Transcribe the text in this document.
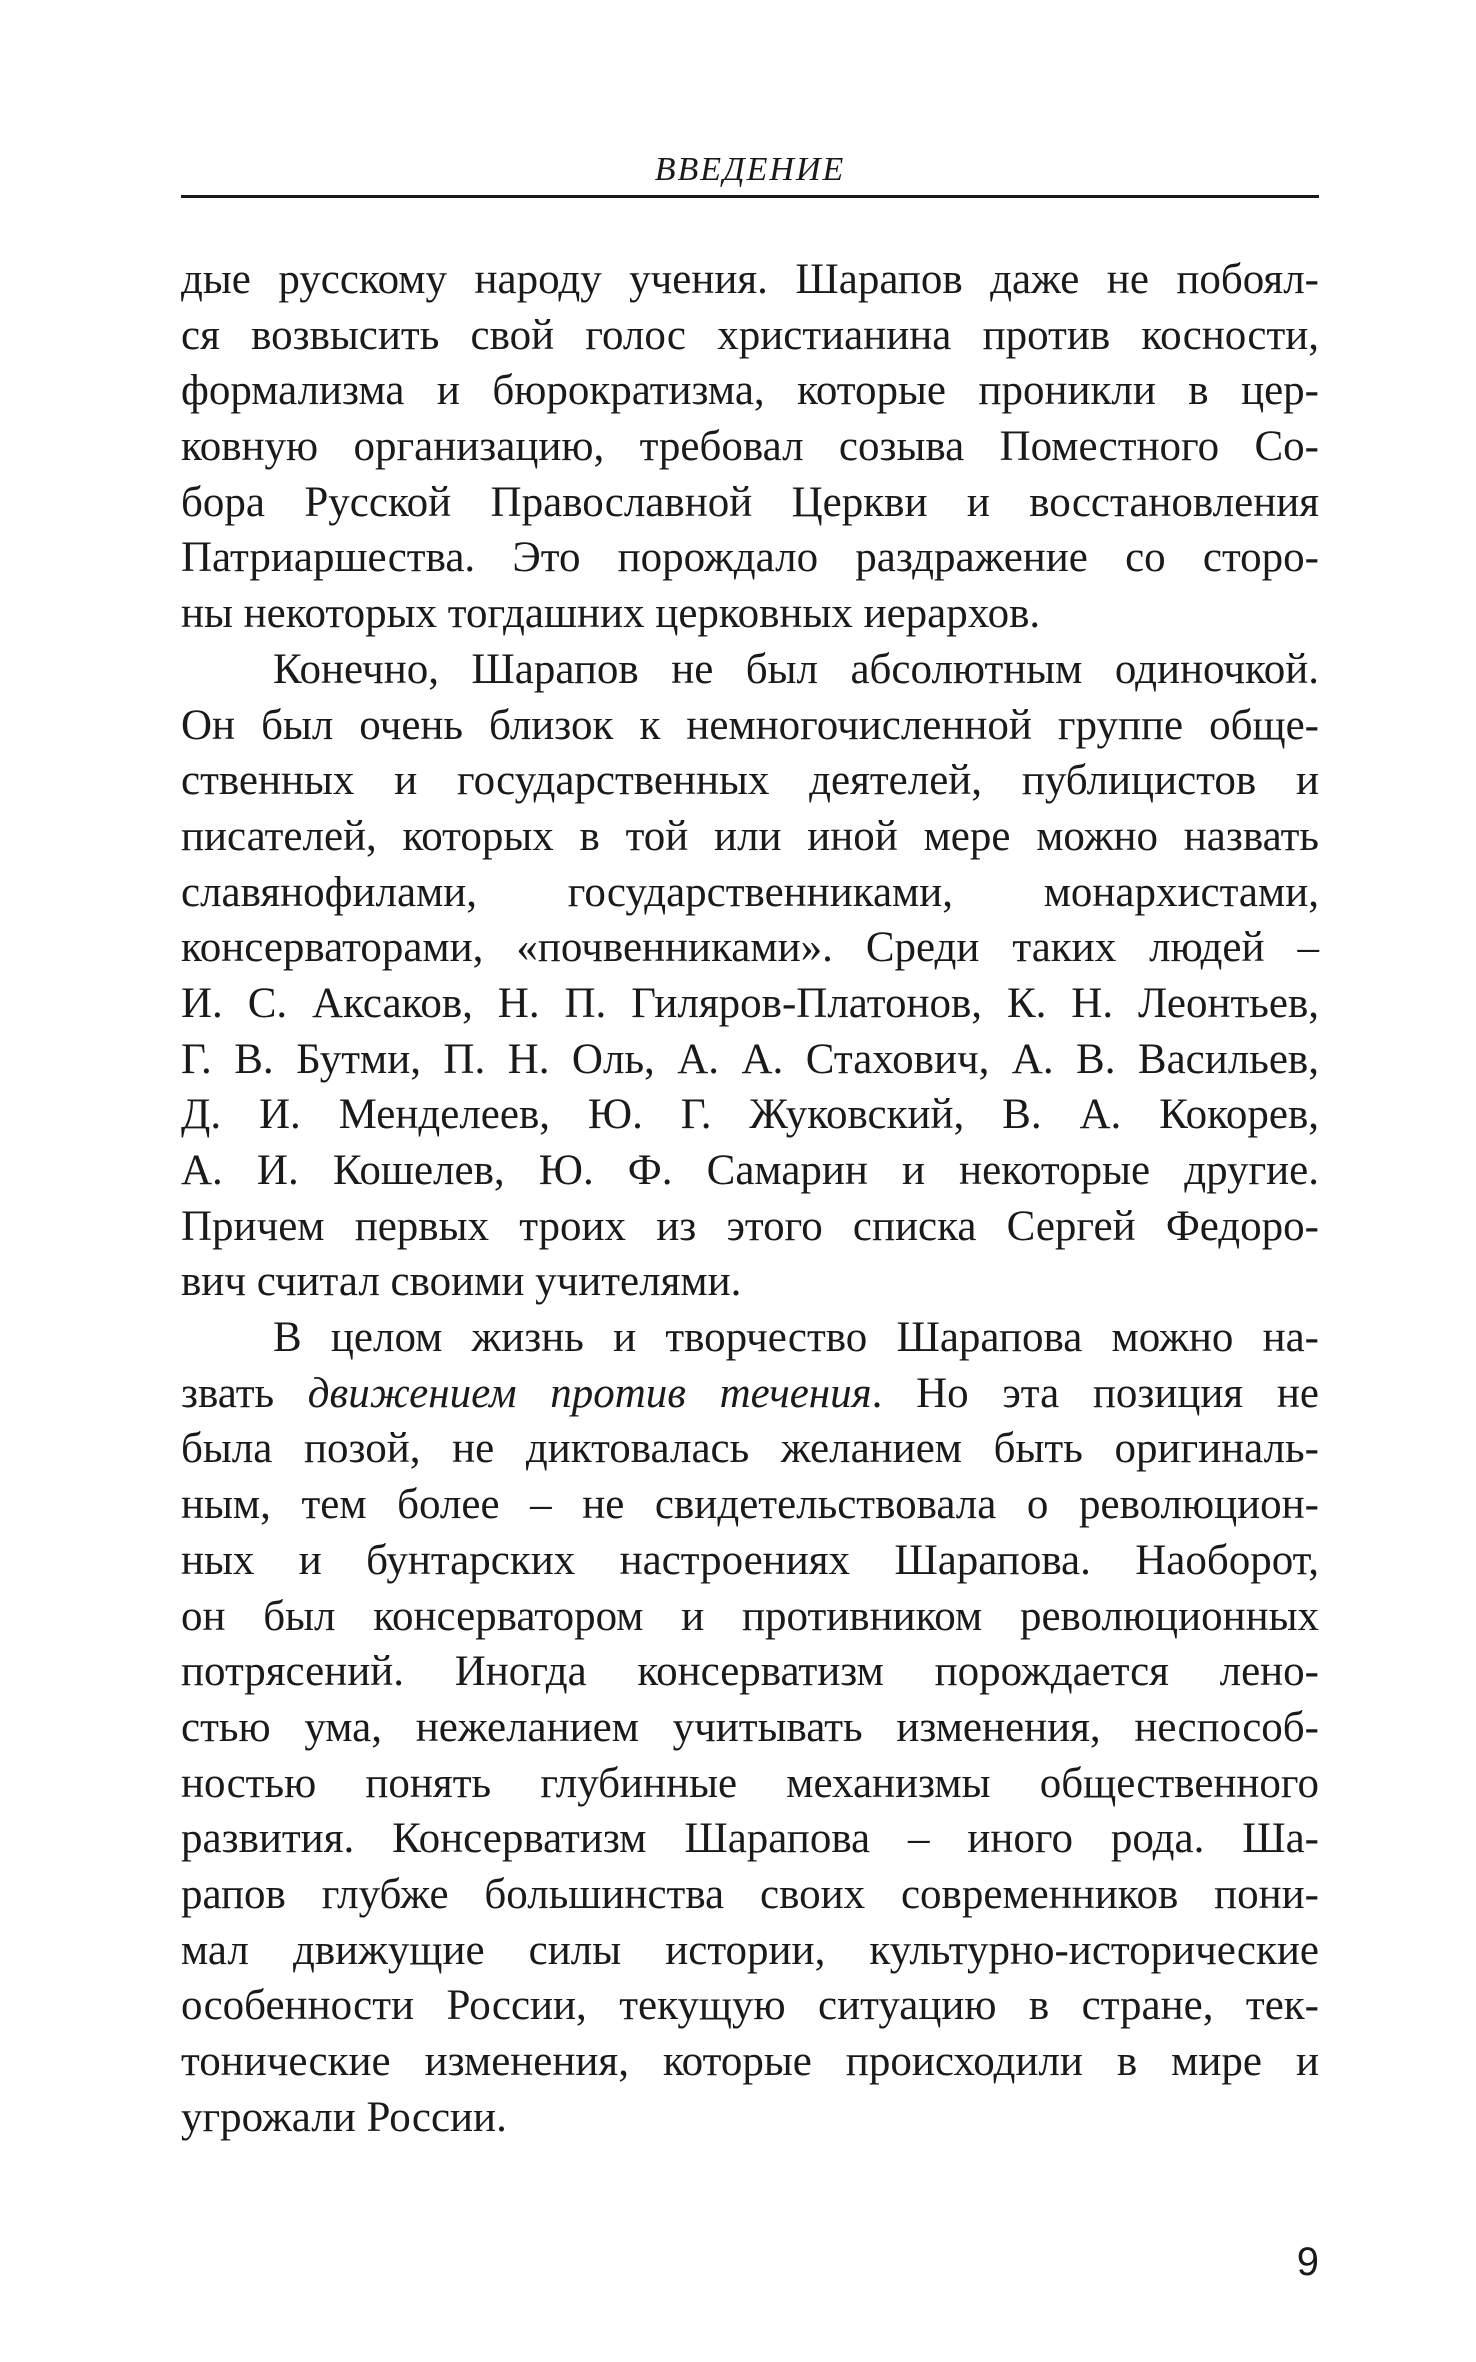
ВВЕДЕНИЕ
дые русскому народу учения. Шарапов даже не побоял-
ся возвысить свой голос христианина против косности,
формализма и бюрократизма, которые проникли в цер-
ковную организацию, требовал созыва Поместного Со-
бора Русской Православной Церкви и восстановления
Патриаршества. Это порождало раздражение со сторо-
ны некоторых тогдашних церковных иерархов.
Конечно, Шарапов не был абсолютным одиночкой.
Он был очень близок к немногочисленной группе обще-
ственных и государственных деятелей, публицистов и
писателей, которых в той или иной мере можно назвать
славянофилами, государственниками, монархистами,
консерваторами, «почвенниками». Среди таких людей –
И. С. Аксаков, Н. П. Гиляров-Платонов, К. Н. Леонтьев,
Г. В. Бутми, П. Н. Оль, А. А. Стахович, А. В. Васильев,
Д. И. Менделеев, Ю. Г. Жуковский, В. А. Кокорев,
А. И. Кошелев, Ю. Ф. Самарин и некоторые другие.
Причем первых троих из этого списка Сергей Федоро-
вич считал своими учителями.
В целом жизнь и творчество Шарапова можно на-
звать движением против течения. Но эта позиция не
была позой, не диктовалась желанием быть оригиналь-
ным, тем более – не свидетельствовала о революцион-
ных и бунтарских настроениях Шарапова. Наоборот,
он был консерватором и противником революционных
потрясений. Иногда консерватизм порождается лено-
стью ума, нежеланием учитывать изменения, неспособ-
ностью понять глубинные механизмы общественного
развития. Консерватизм Шарапова – иного рода. Ша-
рапов глубже большинства своих современников пони-
мал движущие силы истории, культурно-исторические
особенности России, текущую ситуацию в стране, тек-
тонические изменения, которые происходили в мире и
угрожали России.
9
